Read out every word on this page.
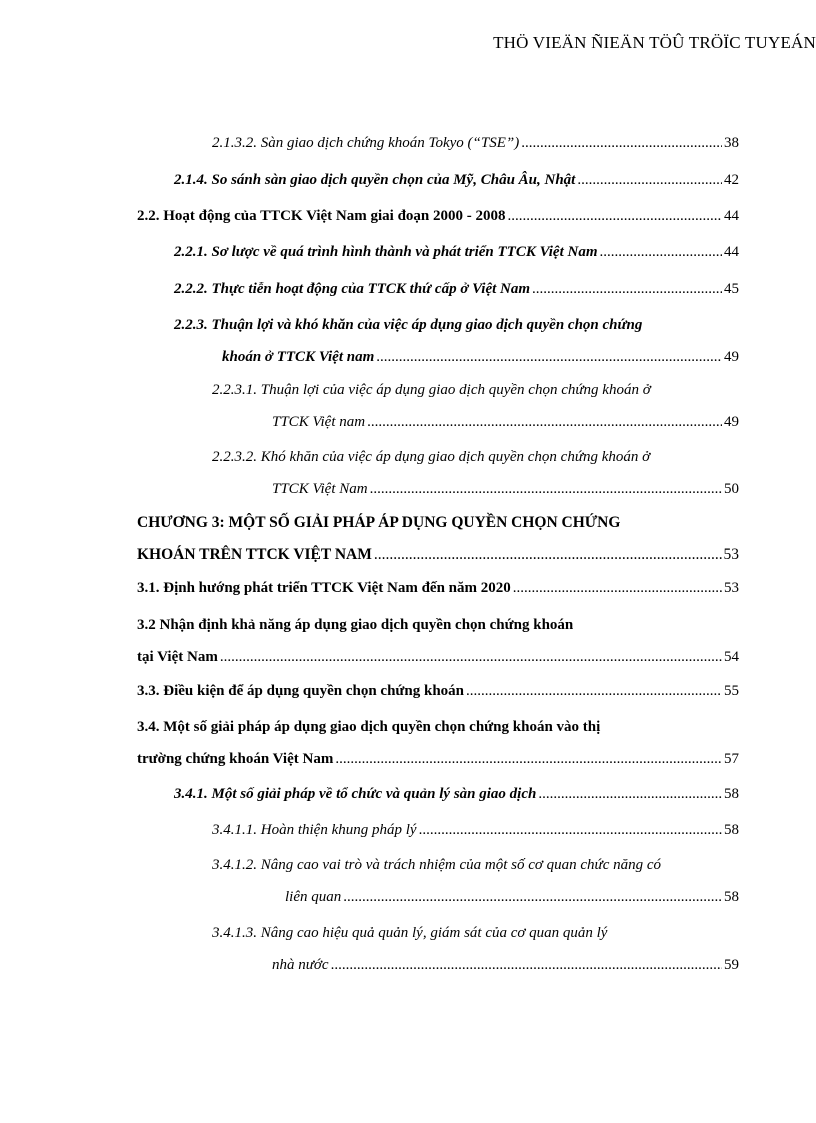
THÖ VIEÄN ÑIEÄN TÖÛ TRÖÏC TUYEÁN
2.1.3.2. Sàn giao dịch chứng khoán Tokyo (“TSE”) .....	38
2.1.4. So sánh sàn giao dịch quyền chọn của Mỹ, Châu Âu, Nhật .....	42
2.2. Hoạt động của TTCK Việt Nam giai đoạn 2000 - 2008 .....	44
2.2.1. Sơ lược về quá trình hình thành và phát triển TTCK Việt Nam .....	44
2.2.2. Thực tiễn hoạt động của TTCK thứ cấp ở Việt Nam .....	45
2.2.3. Thuận lợi và khó khăn của việc áp dụng giao dịch quyền chọn chứng
khoán ở TTCK Việt nam .....	49
2.2.3.1. Thuận lợi của việc áp dụng giao dịch quyền chọn chứng khoán ở
TTCK Việt nam .....	49
2.2.3.2. Khó khăn của việc áp dụng giao dịch quyền chọn chứng khoán ở
TTCK Việt Nam .....	50
CHƯƠNG 3: MỘT SỐ GIẢI PHÁP ÁP DỤNG QUYỀN CHỌN CHỨNG
KHOÁN TRÊN TTCK VIỆT NAM .....	53
3.1. Định hướng phát triển TTCK Việt Nam đến năm 2020 .....	53
3.2 Nhận định khả năng áp dụng giao dịch quyền chọn chứng khoán
tại Việt Nam .....	54
3.3. Điều kiện để áp dụng quyền chọn chứng khoán .....	55
3.4. Một số giải pháp áp dụng giao dịch quyền chọn chứng khoán vào thị
trường chứng khoán Việt Nam .....	57
3.4.1. Một số giải pháp về tổ chức và quản lý sàn giao dịch .....	58
3.4.1.1. Hoàn thiện khung pháp lý .....	58
3.4.1.2. Nâng cao vai trò và trách nhiệm của một số cơ quan chức năng có
liên quan .....	58
3.4.1.3. Nâng cao hiệu quả quản lý, giám sát của cơ quan quản lý
nhà nước .....	59
